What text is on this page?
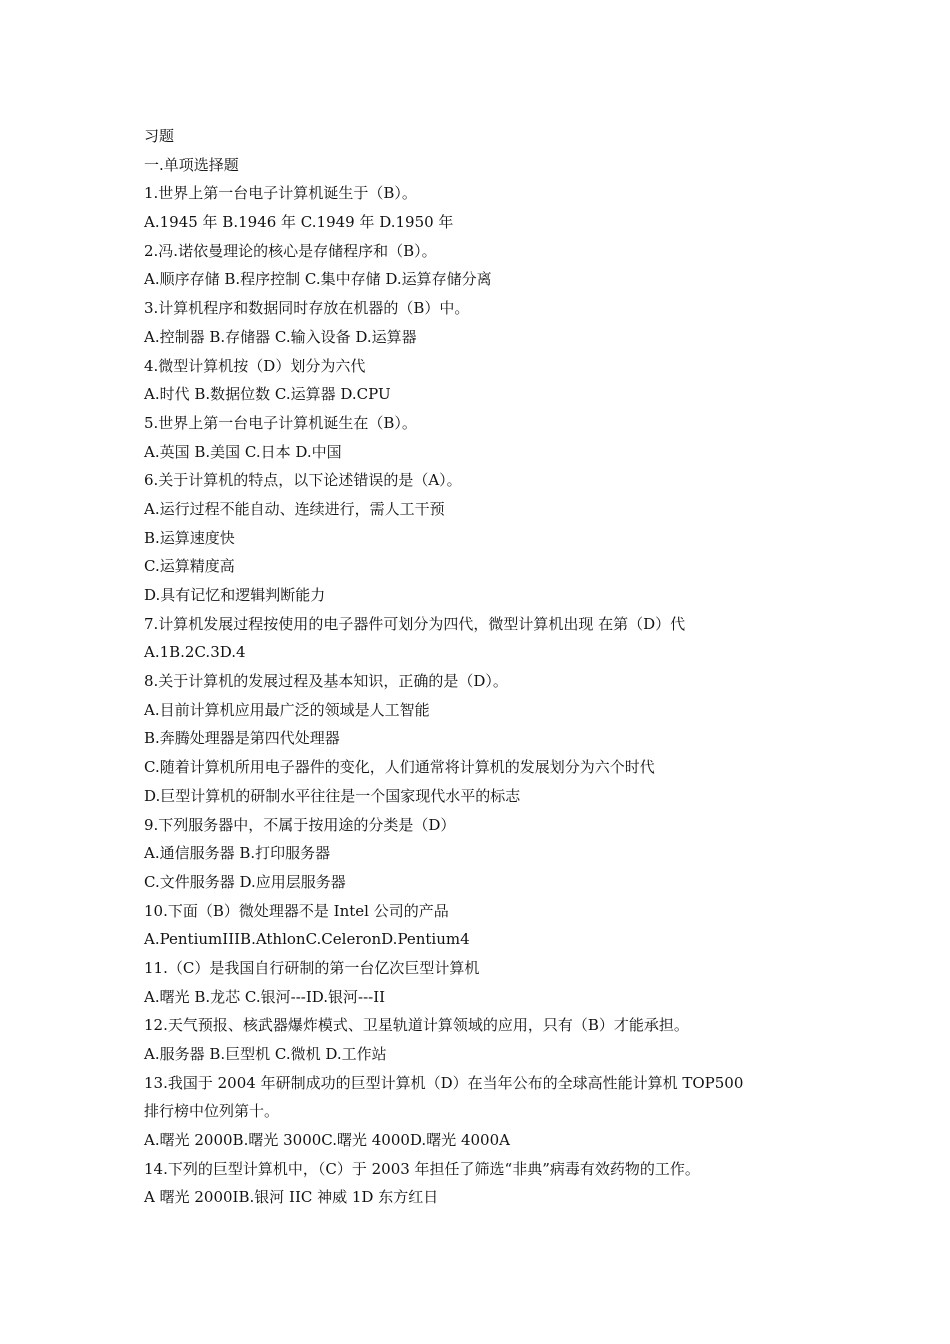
习题
一.单项选择题
1.世界上第一台电子计算机诞生于（B）。
A.1945 年 B.1946 年 C.1949 年 D.1950 年
2.冯.诺依曼理论的核心是存储程序和（B）。
A.顺序存储 B.程序控制 C.集中存储 D.运算存储分离
3.计算机程序和数据同时存放在机器的（B）中。
A.控制器 B.存储器 C.输入设备 D.运算器
4.微型计算机按（D）划分为六代
A.时代 B.数据位数 C.运算器 D.CPU
5.世界上第一台电子计算机诞生在（B）。
A.英国 B.美国 C.日本 D.中国
6.关于计算机的特点，以下论述错误的是（A）。
A.运行过程不能自动、连续进行，需人工干预
B.运算速度快
C.运算精度高
D.具有记忆和逻辑判断能力
7.计算机发展过程按使用的电子器件可划分为四代，微型计算机出现 在第（D）代
A.1B.2C.3D.4
8.关于计算机的发展过程及基本知识，正确的是（D）。
A.目前计算机应用最广泛的领域是人工智能
B.奔腾处理器是第四代处理器
C.随着计算机所用电子器件的变化，人们通常将计算机的发展划分为六个时代
D.巨型计算机的研制水平往往是一个国家现代水平的标志
9.下列服务器中，不属于按用途的分类是（D）
A.通信服务器 B.打印服务器
C.文件服务器 D.应用层服务器
10.下面（B）微处理器不是 Intel 公司的产品
A.PentiumIIIB.AthlonC.CeleronD.Pentium4
11.（C）是我国自行研制的第一台亿次巨型计算机
A.曙光 B.龙芯 C.银河---ID.银河---II
12.天气预报、核武器爆炸模式、卫星轨道计算领域的应用，只有（B）才能承担。
A.服务器 B.巨型机 C.微机 D.工作站
13.我国于 2004 年研制成功的巨型计算机（D）在当年公布的全球高性能计算机 TOP500
排行榜中位列第十。
A.曙光 2000B.曙光 3000C.曙光 4000D.曙光 4000A
14.下列的巨型计算机中，（C）于 2003 年担任了筛选“非典”病毒有效药物的工作。
A 曙光 2000IB.银河 IIC 神威 1D 东方红日
